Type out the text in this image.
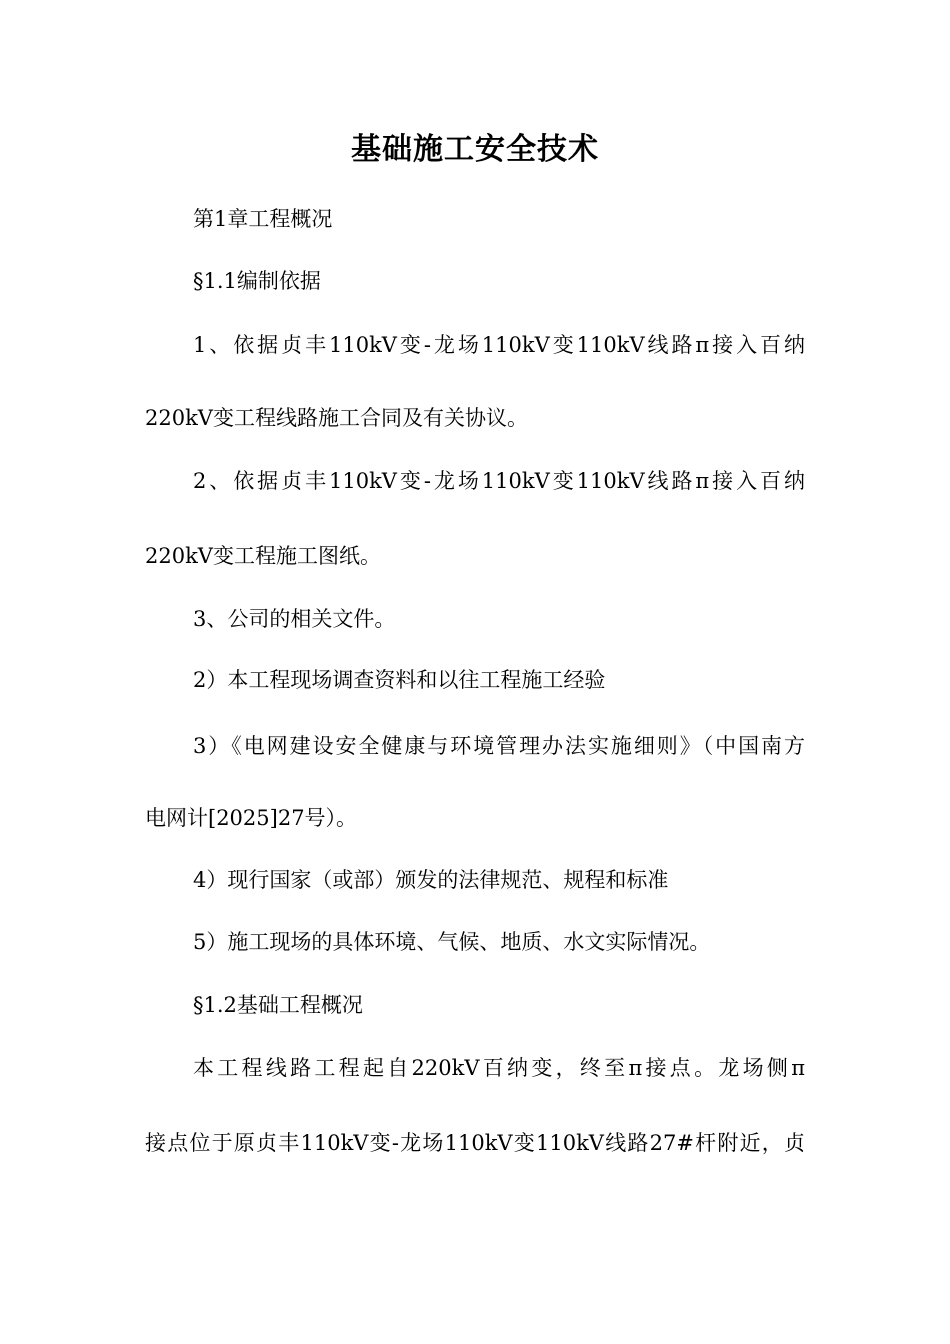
基础施工安全技术
第1章工程概况
§1.1编制依据
1、依据贞丰110kV变-龙场110kV变110kV线路π接入百纳
220kV变工程线路施工合同及有关协议。
2、依据贞丰110kV变-龙场110kV变110kV线路π接入百纳
220kV变工程施工图纸。
3、公司的相关文件。
2）本工程现场调查资料和以往工程施工经验
3）《电网建设安全健康与环境管理办法实施细则》（中国南方
电网计[2025]27号）。
4）现行国家（或部）颁发的法律规范、规程和标准
5）施工现场的具体环境、气候、地质、水文实际情况。
§1.2基础工程概况
本工程线路工程起自220kV百纳变，终至π接点。龙场侧π
接点位于原贞丰110kV变-龙场110kV变110kV线路27#杆附近，贞
